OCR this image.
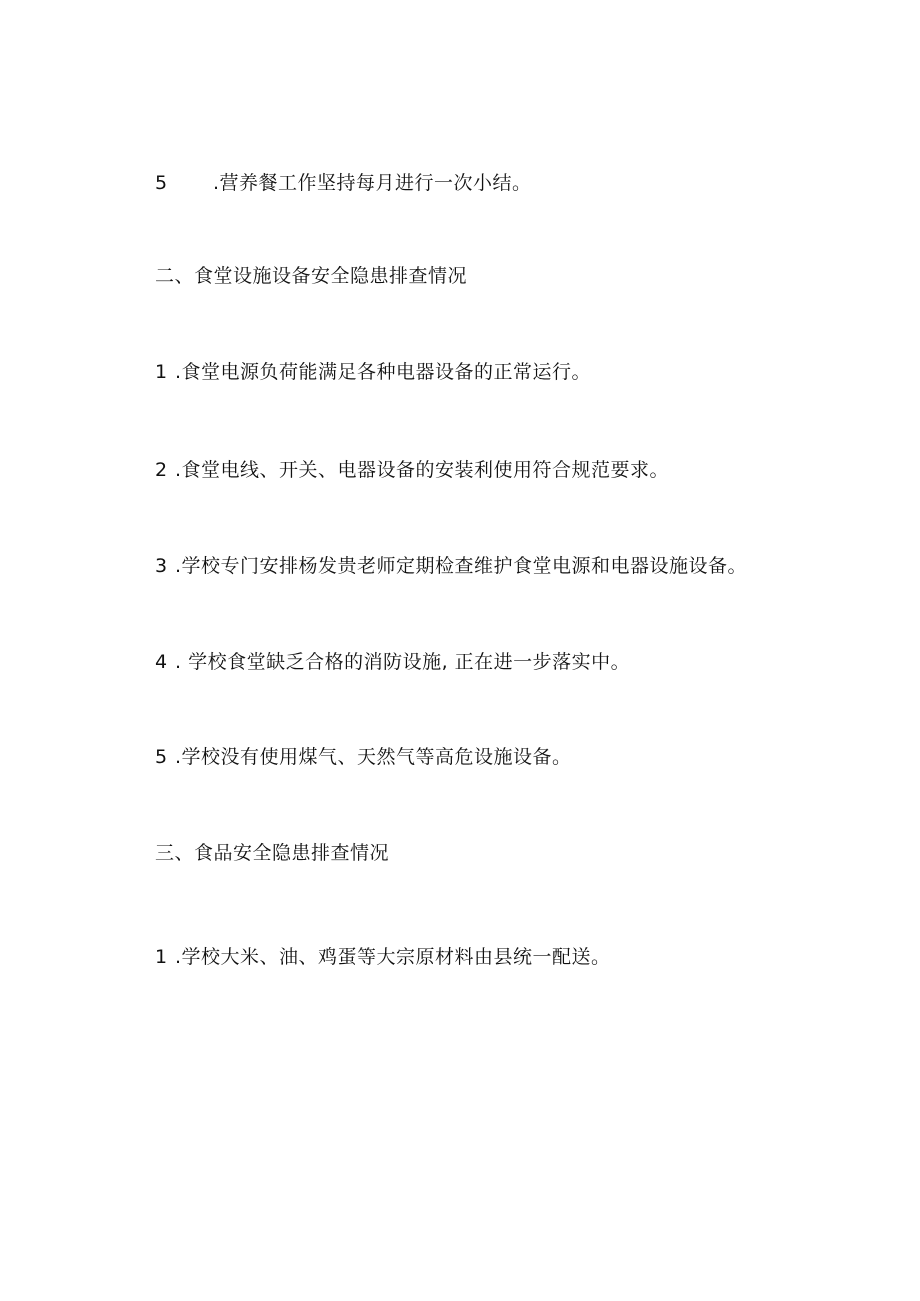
5 .营养餐工作坚持每月进行一次小结。
二、食堂设施设备安全隐患排查情况
1 .食堂电源负荷能满足各种电器设备的正常运行。
2 .食堂电线、开关、电器设备的安装利使用符合规范要求。
3 .学校专门安排杨发贵老师定期检查维护食堂电源和电器设施设备。
4 . 学校食堂缺乏合格的消防设施, 正在进一步落实中。
5 .学校没有使用煤气、天然气等高危设施设备。
三、食品安全隐患排查情况
1 .学校大米、油、鸡蛋等大宗原材料由县统一配送。
